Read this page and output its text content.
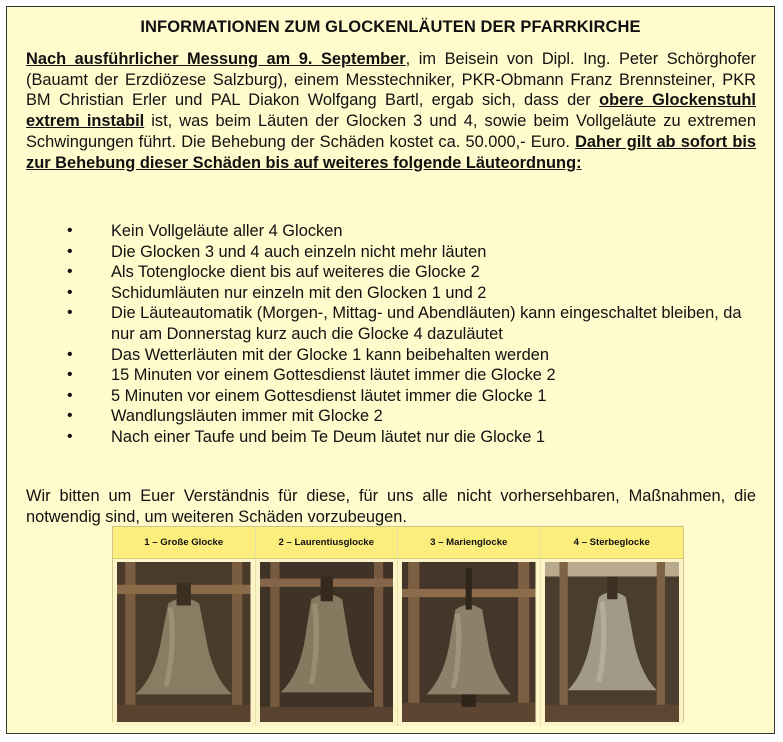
INFORMATIONEN ZUM GLOCKENLÄUTEN DER PFARRKIRCHE

Nach ausführlicher Messung am 9. September, im Beisein von Dipl. Ing. Peter Schörghofer (Bauamt der Erzdiözese Salzburg), einem Messtechniker, PKR-Obmann Franz Brennsteiner, PKR BM Christian Erler und PAL Diakon Wolfgang Bartl, ergab sich, dass der obere Glockenstuhl extrem instabil ist, was beim Läuten der Glocken 3 und 4, sowie beim Vollgeläute zu extremen Schwingungen führt. Die Behebung der Schäden kostet ca. 50.000,- Euro. Daher gilt ab sofort bis zur Behebung dieser Schäden bis auf weiteres folgende Läuteordnung:

• Kein Vollgeläute aller 4 Glocken
• Die Glocken 3 und 4 auch einzeln nicht mehr läuten
• Als Totenglocke dient bis auf weiteres die Glocke 2
• Schidumläuten nur einzeln mit den Glocken 1 und 2
• Die Läuteautomatik (Morgen-, Mittag- und Abendläuten) kann eingeschaltet bleiben, da nur am Donnerstag kurz auch die Glocke 4 dazuläutet
• Das Wetterläuten mit der Glocke 1 kann beibehalten werden
• 15 Minuten vor einem Gottesdienst läutet immer die Glocke 2
• 5 Minuten vor einem Gottesdienst läutet immer die Glocke 1
• Wandlungsläuten immer mit Glocke 2
• Nach einer Taufe und beim Te Deum läutet nur die Glocke 1

Wir bitten um Euer Verständnis für diese, für uns alle nicht vorhersehbaren, Maßnahmen, die notwendig sind, um weiteren Schäden vorzubeugen.

1 – Große Glocke	2 – Laurentiusglocke	3 – Marienglocke	4 – Sterbeglocke
